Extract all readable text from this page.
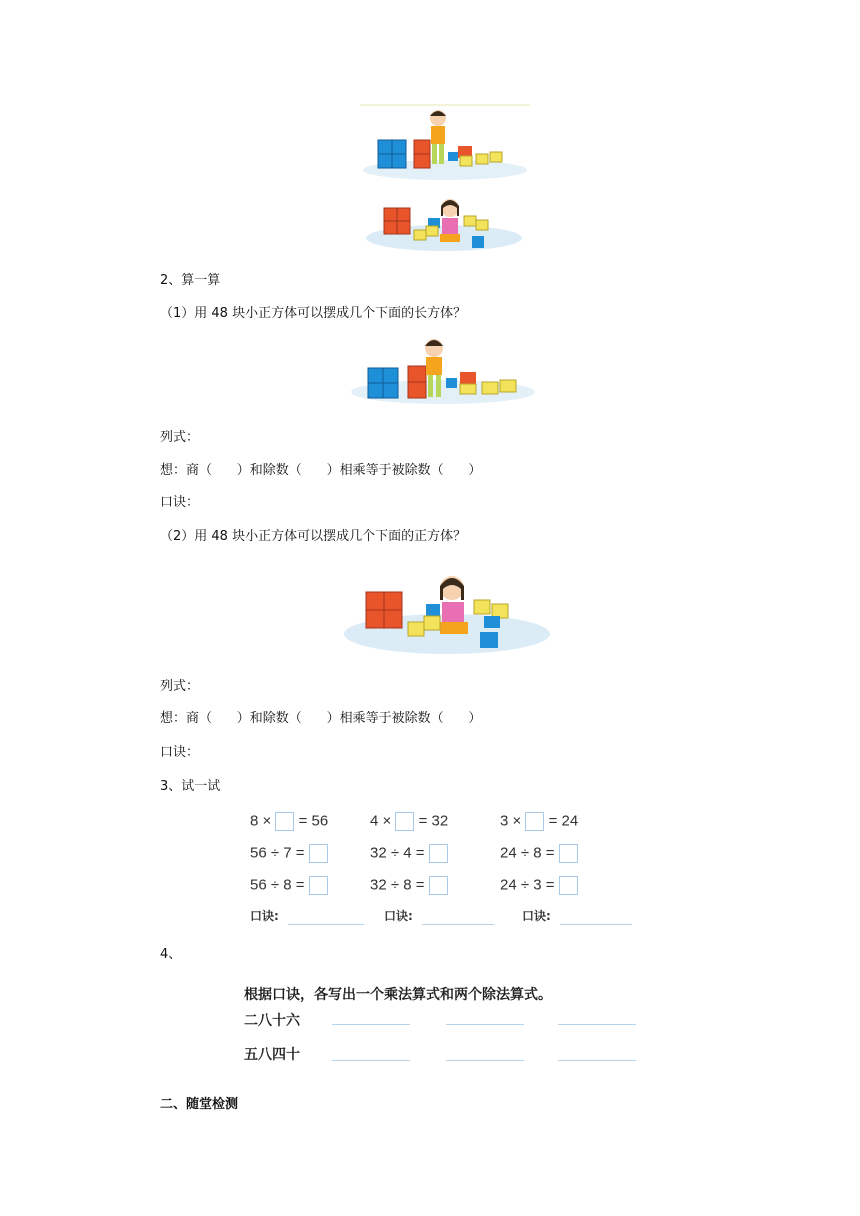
2、算一算
（1）用 48 块小正方体可以摆成几个下面的长方体？
列式：
想：商（      ）和除数（      ）相乘等于被除数（      ）
口诀：
（2）用 48 块小正方体可以摆成几个下面的正方体？
列式：
想：商（      ）和除数（      ）相乘等于被除数（      ）
口诀：
3、试一试
8 × = 56	4 × = 32	3 × = 24
56 ÷ 7 =	32 ÷ 4 =	24 ÷ 8 =
56 ÷ 8 =	32 ÷ 8 =	24 ÷ 3 =
口诀:	口诀:	口诀:
4、
根据口诀，各写出一个乘法算式和两个除法算式。
二八十六
五八四十
二、随堂检测
